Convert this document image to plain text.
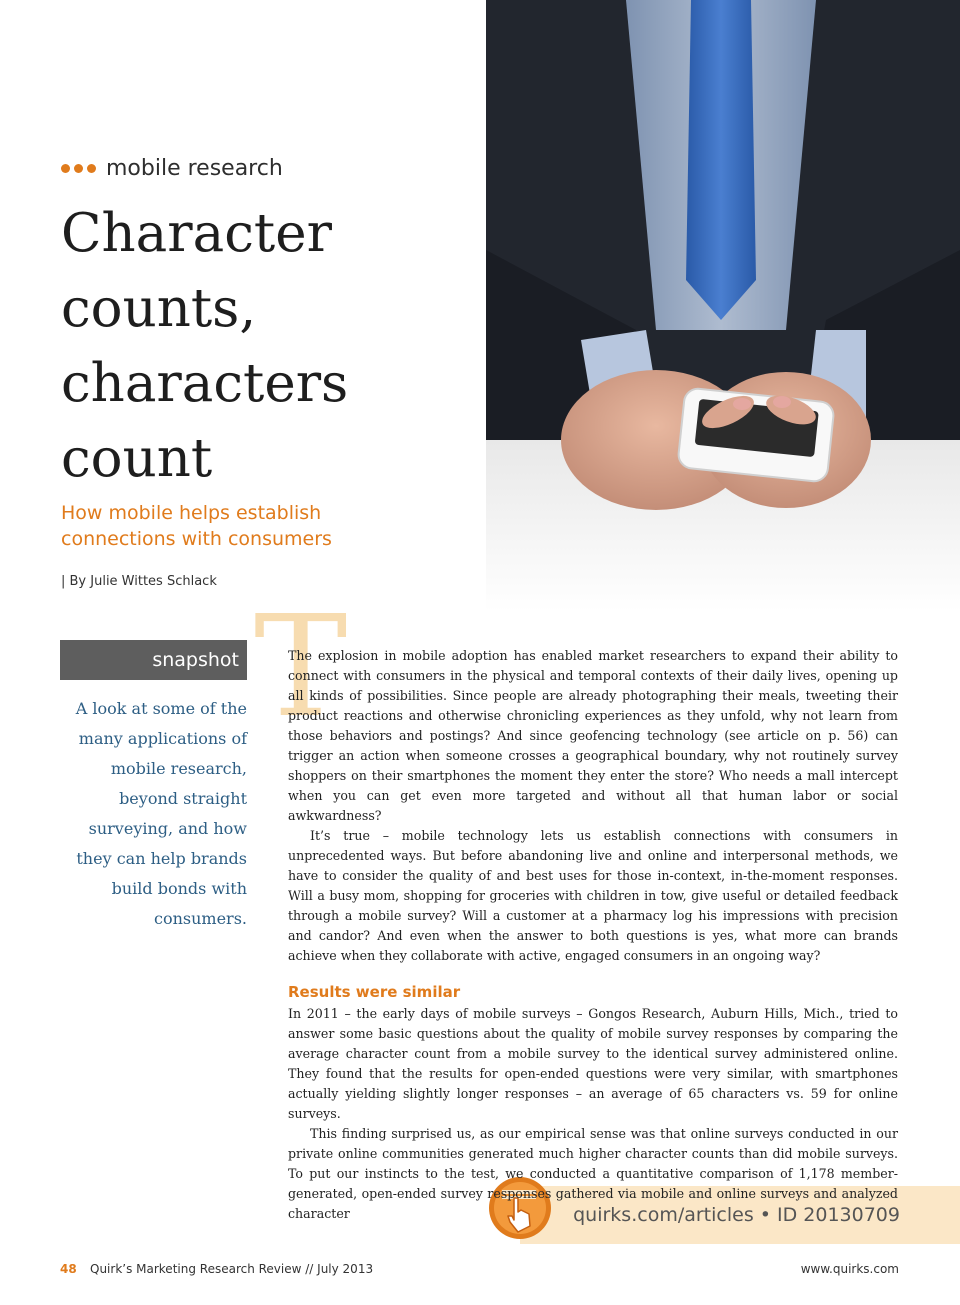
mobile research
Character counts, characters count

How mobile helps establish connections with consumers

| By Julie Wittes Schlack
snapshot

A look at some of the many applications of mobile research, beyond straight surveying, and how they can help brands build bonds with consumers.

T

The explosion in mobile adoption has enabled market researchers to expand their ability to connect with consumers in the physical and temporal contexts of their daily lives, opening up all kinds of possibilities. Since people are already photographing their meals, tweeting their product reactions and otherwise chronicling experiences as they unfold, why not learn from those behaviors and postings? And since geofencing technology (see article on p. 56) can trigger an action when someone crosses a geographical boundary, why not routinely survey shoppers on their smartphones the moment they enter the store? Who needs a mall intercept when you can get even more targeted and without all that human labor or social awkwardness?

It’s true – mobile technology lets us establish connections with consumers in unprecedented ways. But before abandoning live and online and interpersonal methods, we have to consider the quality of and best uses for those in-context, in-the-moment responses. Will a busy mom, shopping for groceries with children in tow, give useful or detailed feedback through a mobile survey? Will a customer at a pharmacy log his impressions with precision and candor? And even when the answer to both questions is yes, what more can brands achieve when they collaborate with active, engaged consumers in an ongoing way?

Results were similar

In 2011 – the early days of mobile surveys – Gongos Research, Auburn Hills, Mich., tried to answer some basic questions about the quality of mobile survey responses by comparing the average character count from a mobile survey to the identical survey administered online. They found that the results for open-ended questions were very similar, with smartphones actually yielding slightly longer responses – an average of 65 characters vs. 59 for online surveys.

This finding surprised us, as our empirical sense was that online surveys conducted in our private online communities generated much higher character counts than did mobile surveys. To put our instincts to the test, we conducted a quantitative comparison of 1,178 member-generated, open-ended survey responses gathered via mobile and online surveys and analyzed character	quirks.com/articles • ID 20130709
48 Quirk’s Marketing Research Review // July 2013	www.quirks.com
